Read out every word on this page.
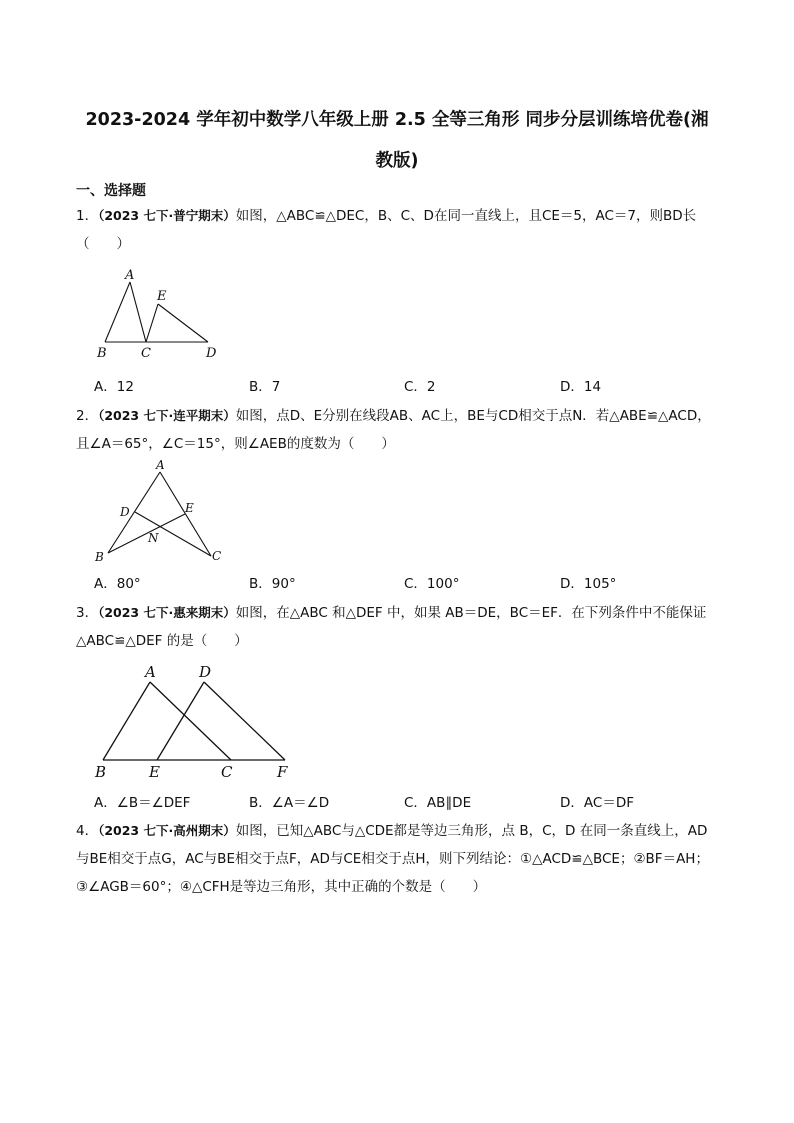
2023-2024 学年初中数学八年级上册 2.5 全等三角形 同步分层训练培优卷(湘
教版)
一、选择题
1．（2023 七下·普宁期末）如图，△ABC≌△DEC，B、C、D在同一直线上，且CE＝5，AC＝7，则BD长（　　）
A
E
B	C	D
A．12	B．7	C．2	D．14
2．（2023 七下·连平期末）如图，点D、E分别在线段AB、AC上，BE与CD相交于点N．若△ABE≌△ACD，且∠A＝65°，∠C＝15°，则∠AEB的度数为（　　）
A
D	E
N
B	C
A．80°	B．90°	C．100°	D．105°
3．（2023 七下·惠来期末）如图，在△ABC 和△DEF 中，如果 AB＝DE，BC＝EF．在下列条件中不能保证△ABC≌△DEF 的是（　　）
A	D
B	E	C	F
A．∠B＝∠DEF	B．∠A＝∠D	C．AB∥DE	D．AC＝DF
4．（2023 七下·高州期末）如图，已知△ABC与△CDE都是等边三角形，点 B，C，D 在同一条直线上，AD与BE相交于点G，AC与BE相交于点F，AD与CE相交于点H，则下列结论：①△ACD≌△BCE；②BF＝AH；③∠AGB＝60°；④△CFH是等边三角形，其中正确的个数是（　　）
